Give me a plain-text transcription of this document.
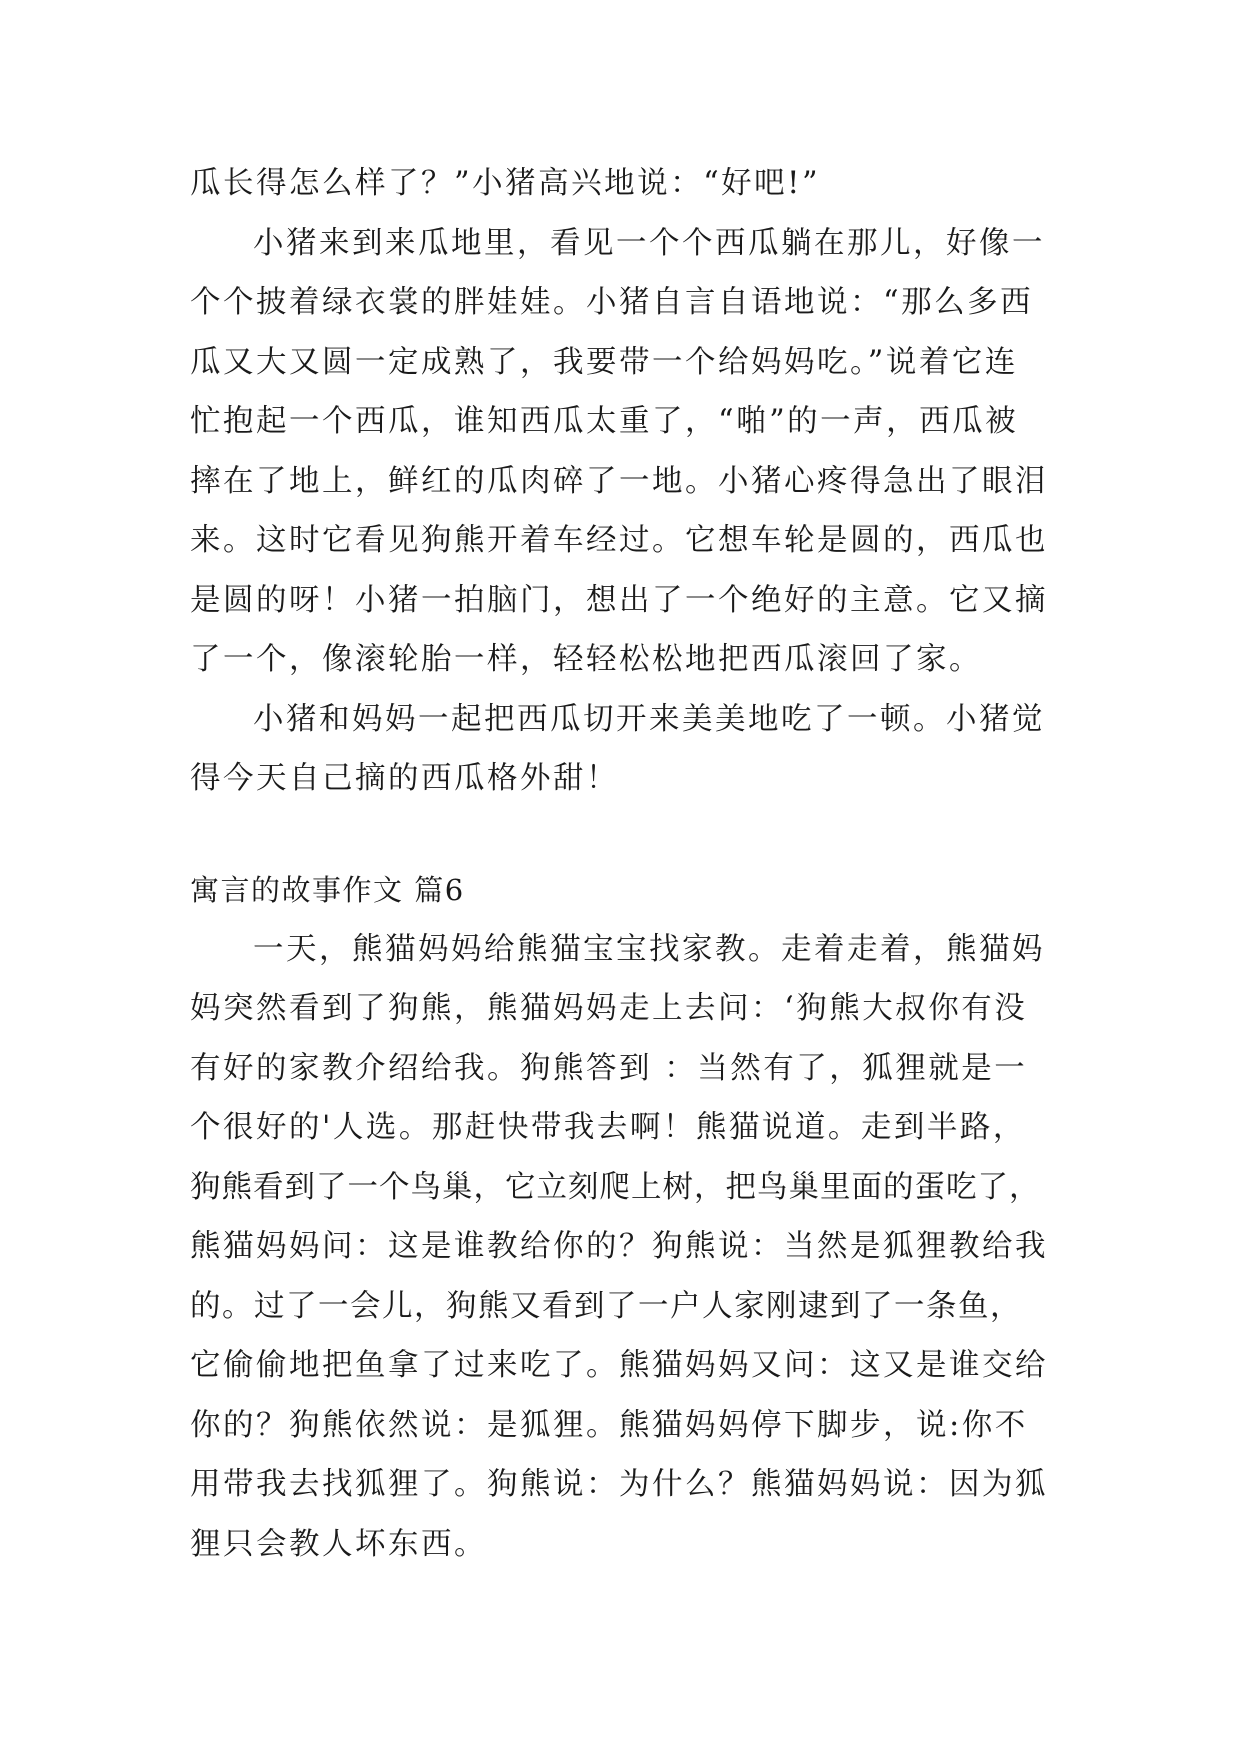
瓜长得怎么样了？”小猪高兴地说：“好吧!”
小猪来到来瓜地里，看见一个个西瓜躺在那儿，好像一
个个披着绿衣裳的胖娃娃。小猪自言自语地说：“那么多西
瓜又大又圆一定成熟了，我要带一个给妈妈吃。”说着它连
忙抱起一个西瓜，谁知西瓜太重了，“啪”的一声，西瓜被
摔在了地上，鲜红的瓜肉碎了一地。小猪心疼得急出了眼泪
来。这时它看见狗熊开着车经过。它想车轮是圆的，西瓜也
是圆的呀！小猪一拍脑门，想出了一个绝好的主意。它又摘
了一个，像滚轮胎一样，轻轻松松地把西瓜滚回了家。
小猪和妈妈一起把西瓜切开来美美地吃了一顿。小猪觉
得今天自己摘的西瓜格外甜！
寓言的故事作文 篇6
一天，熊猫妈妈给熊猫宝宝找家教。走着走着，熊猫妈
妈突然看到了狗熊，熊猫妈妈走上去问：‘狗熊大叔你有没
有好的家教介绍给我。狗熊答到 ：当然有了，狐狸就是一
个很好的'人选。那赶快带我去啊！熊猫说道。走到半路，
狗熊看到了一个鸟巢，它立刻爬上树，把鸟巢里面的蛋吃了，
熊猫妈妈问：这是谁教给你的？狗熊说：当然是狐狸教给我
的。过了一会儿，狗熊又看到了一户人家刚逮到了一条鱼，
它偷偷地把鱼拿了过来吃了。熊猫妈妈又问：这又是谁交给
你的？狗熊依然说：是狐狸。熊猫妈妈停下脚步，说:你不
用带我去找狐狸了。狗熊说：为什么？熊猫妈妈说：因为狐
狸只会教人坏东西。
